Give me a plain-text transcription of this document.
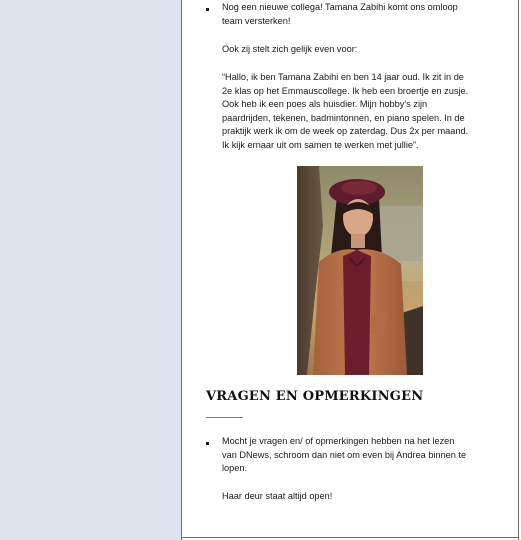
Nog een nieuwe collega! Tamana Zabihi komt ons omloop
team versterken!
Ook zij stelt zich gelijk even voor:
“Hallo, ik ben Tamana Zabihi en ben 14 jaar oud. Ik zit in de
2e klas op het Emmauscollege. Ik heb een broertje en zusje.
Ook heb ik een poes als huisdier. Mijn hobby’s zijn
paardrijden, tekenen, badmintonnen, en piano spelen. In de
praktijk werk ik om de week op zaterdag. Dus 2x per maand.
Ik kijk ernaar uit om samen te werken met jullie”.
VRAGEN EN OPMERKINGEN
Mocht je vragen en/ of opmerkingen hebben na het lezen
van DNews, schroom dan niet om even bij Andrea binnen te
lopen.
Haar deur staat altijd open!
